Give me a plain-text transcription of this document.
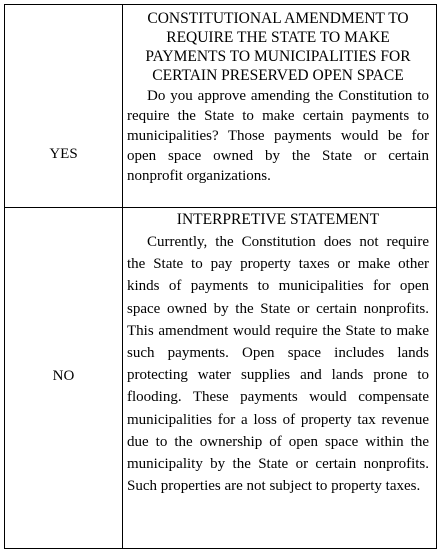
YES
NO

CONSTITUTIONAL AMENDMENT TO REQUIRE THE STATE TO MAKE PAYMENTS TO MUNICIPALITIES FOR CERTAIN PRESERVED OPEN SPACE

Do you approve amending the Constitution to require the State to make certain payments to municipalities? Those payments would be for open space owned by the State or certain nonprofit organizations.

INTERPRETIVE STATEMENT

Currently, the Constitution does not require the State to pay property taxes or make other kinds of payments to municipalities for open space owned by the State or certain nonprofits. This amendment would require the State to make such payments. Open space includes lands protecting water supplies and lands prone to flooding. These payments would compensate municipalities for a loss of property tax revenue due to the ownership of open space within the municipality by the State or certain nonprofits. Such properties are not subject to property taxes.
